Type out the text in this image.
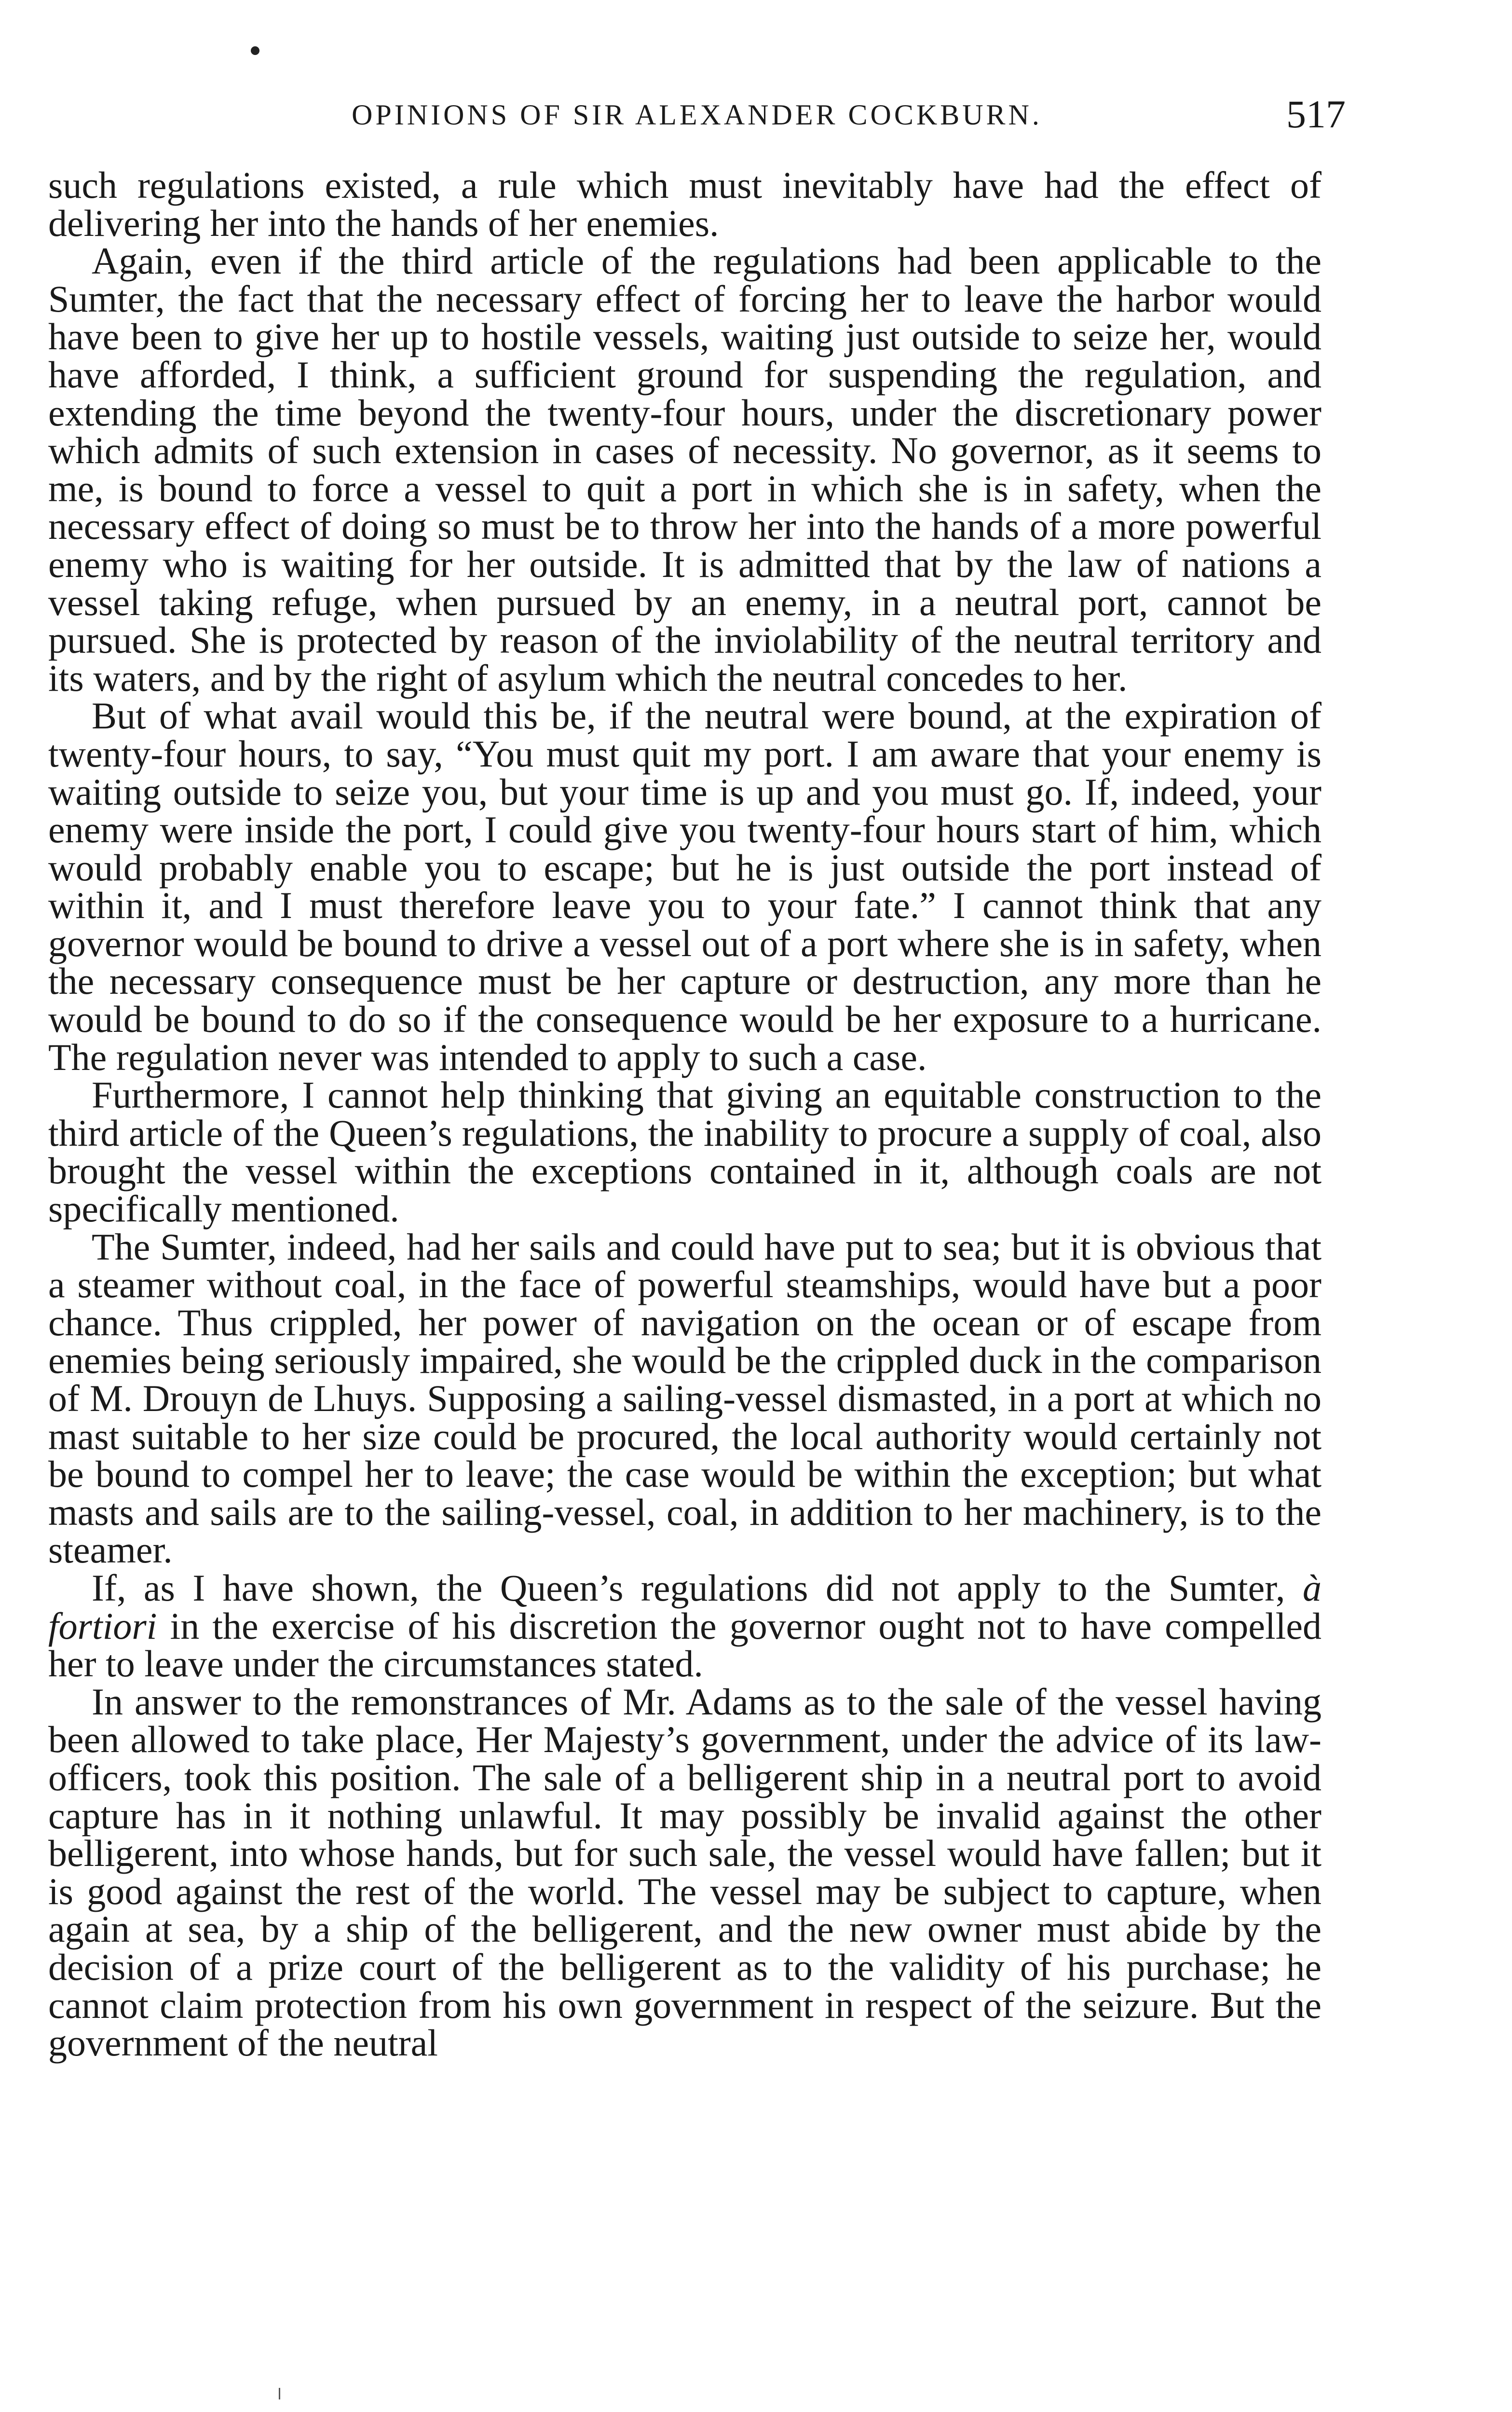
OPINIONS OF SIR ALEXANDER COCKBURN.	517

such regulations existed, a rule which must inevitably have had the effect of delivering her into the hands of her enemies.

Again, even if the third article of the regulations had been applicable to the Sumter, the fact that the necessary effect of forcing her to leave the harbor would have been to give her up to hostile vessels, waiting just outside to seize her, would have afforded, I think, a sufficient ground for suspending the regulation, and extending the time beyond the twenty-four hours, under the discretionary power which admits of such extension in cases of necessity. No governor, as it seems to me, is bound to force a vessel to quit a port in which she is in safety, when the necessary effect of doing so must be to throw her into the hands of a more powerful enemy who is waiting for her outside. It is admitted that by the law of nations a vessel taking refuge, when pursued by an enemy, in a neutral port, cannot be pursued. She is protected by reason of the inviolability of the neutral territory and its waters, and by the right of asylum which the neutral concedes to her.

But of what avail would this be, if the neutral were bound, at the expiration of twenty-four hours, to say, “You must quit my port. I am aware that your enemy is waiting outside to seize you, but your time is up and you must go. If, indeed, your enemy were inside the port, I could give you twenty-four hours start of him, which would probably enable you to escape; but he is just outside the port instead of within it, and I must therefore leave you to your fate.” I cannot think that any governor would be bound to drive a vessel out of a port where she is in safety, when the necessary consequence must be her capture or destruction, any more than he would be bound to do so if the consequence would be her exposure to a hurricane. The regulation never was intended to apply to such a case.

Furthermore, I cannot help thinking that giving an equitable construction to the third article of the Queen’s regulations, the inability to procure a supply of coal, also brought the vessel within the exceptions contained in it, although coals are not specifically mentioned.

The Sumter, indeed, had her sails and could have put to sea; but it is obvious that a steamer without coal, in the face of powerful steamships, would have but a poor chance. Thus crippled, her power of navigation on the ocean or of escape from enemies being seriously impaired, she would be the crippled duck in the comparison of M. Drouyn de Lhuys. Supposing a sailing-vessel dismasted, in a port at which no mast suitable to her size could be procured, the local authority would certainly not be bound to compel her to leave; the case would be within the exception; but what masts and sails are to the sailing-vessel, coal, in addition to her machinery, is to the steamer.

If, as I have shown, the Queen’s regulations did not apply to the Sumter, à fortiori in the exercise of his discretion the governor ought not to have compelled her to leave under the circumstances stated.

In answer to the remonstrances of Mr. Adams as to the sale of the vessel having been allowed to take place, Her Majesty’s government, under the advice of its law-officers, took this position. The sale of a belligerent ship in a neutral port to avoid capture has in it nothing unlawful. It may possibly be invalid against the other belligerent, into whose hands, but for such sale, the vessel would have fallen; but it is good against the rest of the world. The vessel may be subject to capture, when again at sea, by a ship of the belligerent, and the new owner must abide by the decision of a prize court of the belligerent as to the validity of his purchase; he cannot claim protection from his own government in respect of the seizure. But the government of the neutral
